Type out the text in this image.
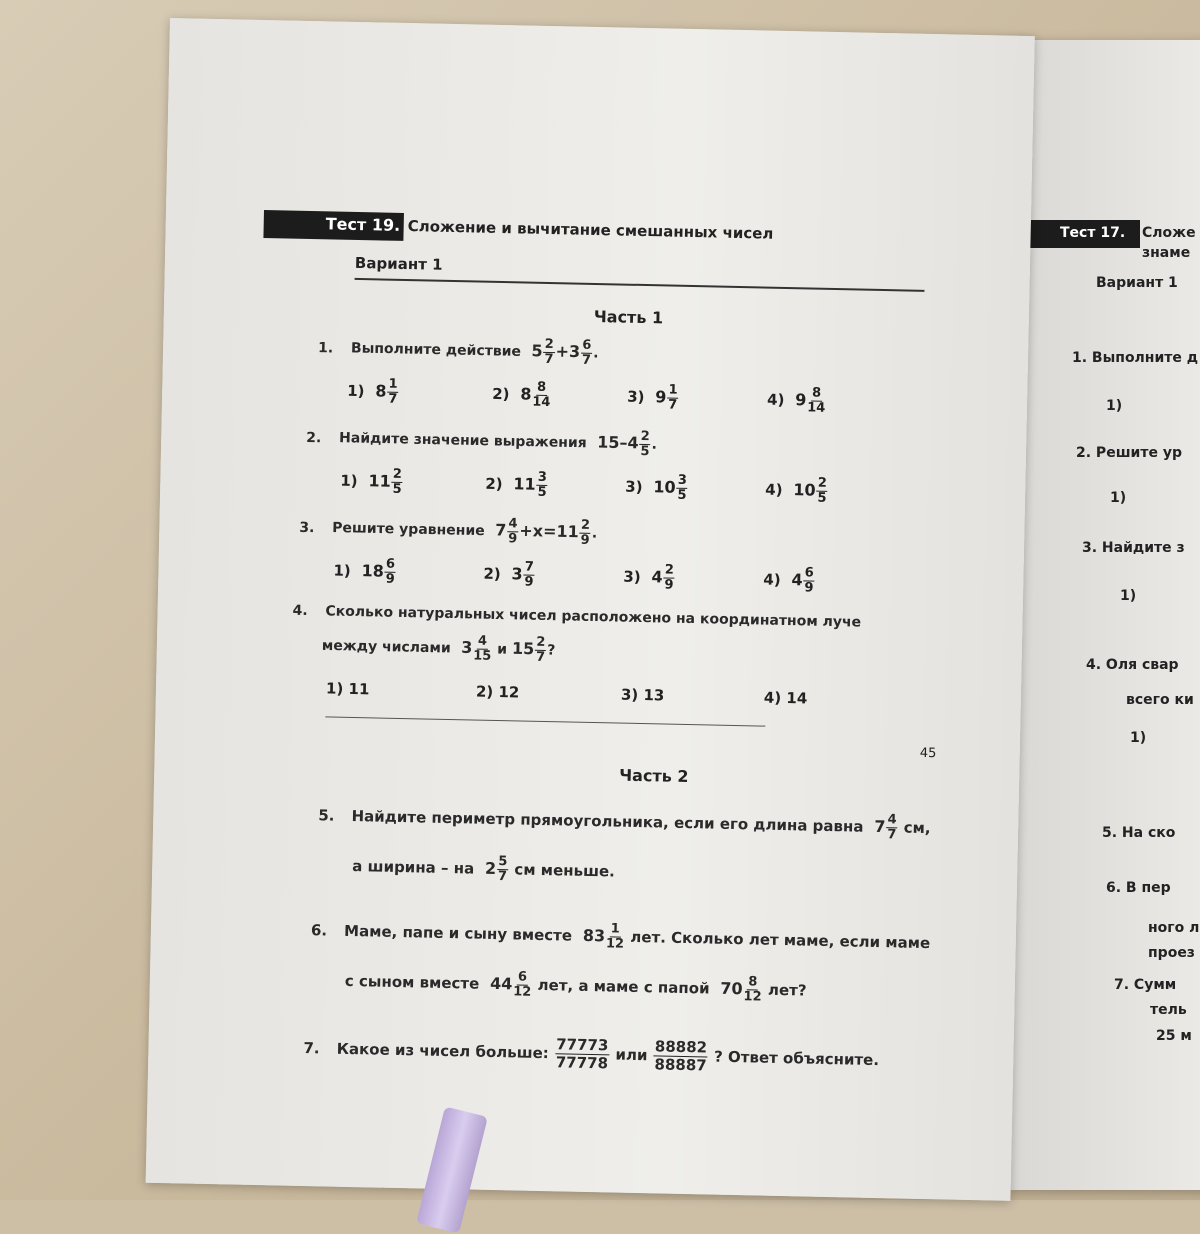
Тест 17. Сложе
знаме
Вариант 1
1. Выполните д
1)
2. Решите ур
1)
3. Найдите з
1)
4. Оля свар
всего ки
1)
5. На ско
6. В пер
ного л
проез
7. Сумм
тель
25 м
Тест 19. Сложение и вычитание смешанных чисел
Вариант 1
Часть 1
1. Выполните действие  $5 \frac{2}{7} +3 \frac{6}{7}$ .
1)  $8 \frac{1}{7}$	2)  $8 \frac{8}{14}$	3)  $9 \frac{1}{7}$	4)  $9 \frac{8}{14}$
2. Найдите значение выражения  $15-4 \frac{2}{5}$ .
1)  $11 \frac{2}{5}$	2)  $11 \frac{3}{5}$	3)  $10 \frac{3}{5}$	4)  $10 \frac{2}{5}$
3. Решите уравнение  $7 \frac{4}{9} +x=11 \frac{2}{9}$ .
1)  $18 \frac{6}{9}$	2)  $3 \frac{7}{9}$	3)  $4 \frac{2}{9}$	4)  $4 \frac{6}{9}$
4. Сколько натуральных чисел расположено на координатном луче
между числами  $3 \frac{4}{15}$ и $15 \frac{2}{7}$ ?
1) 11	2) 12	3) 13	4) 14
45
Часть 2
5. Найдите периметр прямоугольника, если его длина равна  $7 \frac{4}{7}$ см,
а ширина – на  $2 \frac{5}{7}$ см меньше.
6. Маме, папе и сыну вместе  $83 \frac{1}{12}$ лет. Сколько лет маме, если маме
с сыном вместе  $44 \frac{6}{12}$ лет, а маме с папой  $70 \frac{8}{12}$ лет?
7. Какое из чисел больше: $\frac{77773}{77778}$ или $\frac{88882}{88887}$ ? Ответ объясните.
